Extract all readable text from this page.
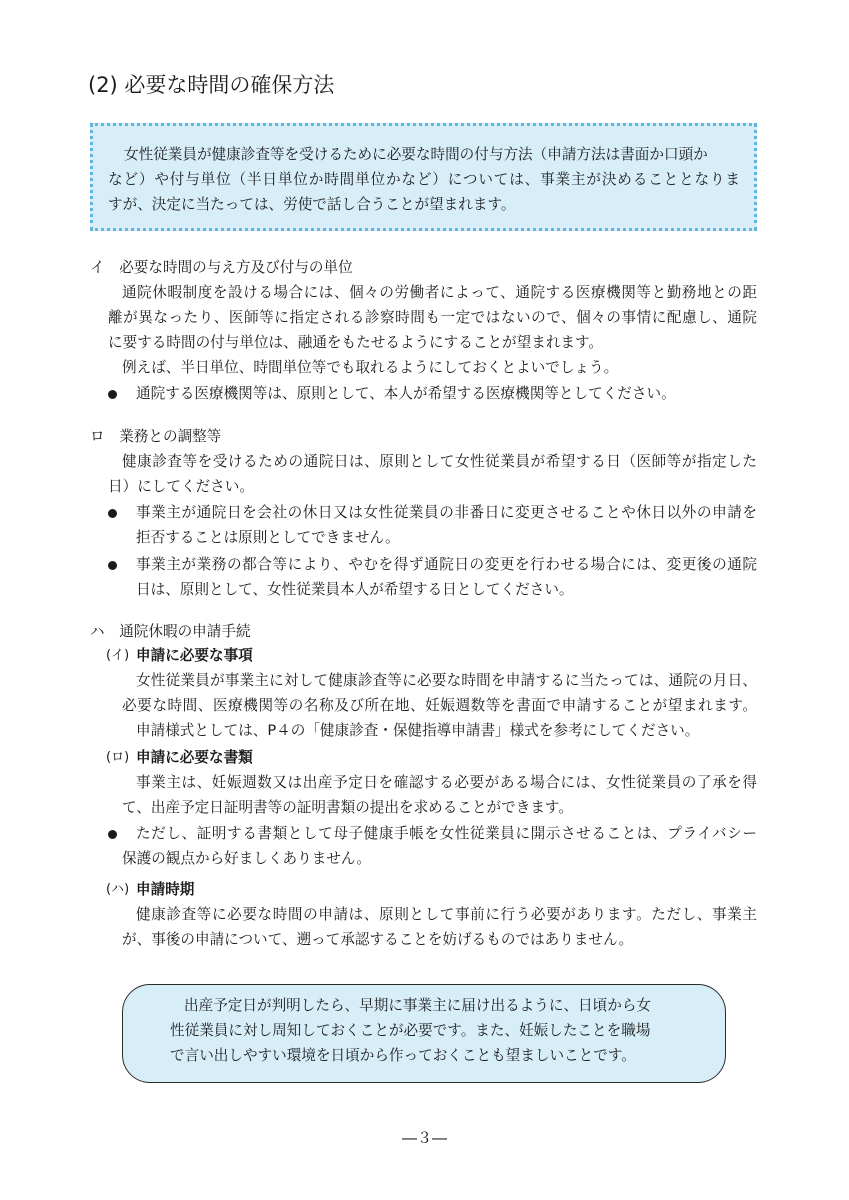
(2) 必要な時間の確保方法
女性従業員が健康診査等を受けるために必要な時間の付与方法（申請方法は書面か口頭か
など）や付与単位（半日単位か時間単位かなど）については、事業主が決めることとなりま
すが、決定に当たっては、労使で話し合うことが望まれます。
イ　必要な時間の与え方及び付与の単位
通院休暇制度を設ける場合には、個々の労働者によって、通院する医療機関等と勤務地との距
離が異なったり、医師等に指定される診察時間も一定ではないので、個々の事情に配慮し、通院
に要する時間の付与単位は、融通をもたせるようにすることが望まれます。
例えば、半日単位、時間単位等でも取れるようにしておくとよいでしょう。
通院する医療機関等は、原則として、本人が希望する医療機関等としてください。
ロ　業務との調整等
健康診査等を受けるための通院日は、原則として女性従業員が希望する日（医師等が指定した
日）にしてください。
事業主が通院日を会社の休日又は女性従業員の非番日に変更させることや休日以外の申請を
拒否することは原則としてできません。
事業主が業務の都合等により、やむを得ず通院日の変更を行わせる場合には、変更後の通院
日は、原則として、女性従業員本人が希望する日としてください。
ハ　通院休暇の申請手続
(イ) 申請に必要な事項
女性従業員が事業主に対して健康診査等に必要な時間を申請するに当たっては、通院の月日、
必要な時間、医療機関等の名称及び所在地、妊娠週数等を書面で申請することが望まれます。
申請様式としては、P４の「健康診査・保健指導申請書」様式を参考にしてください。
(ロ) 申請に必要な書類
事業主は、妊娠週数又は出産予定日を確認する必要がある場合には、女性従業員の了承を得
て、出産予定日証明書等の証明書類の提出を求めることができます。
ただし、証明する書類として母子健康手帳を女性従業員に開示させることは、プライバシー
保護の観点から好ましくありません。
(ハ) 申請時期
健康診査等に必要な時間の申請は、原則として事前に行う必要があります。ただし、事業主
が、事後の申請について、遡って承認することを妨げるものではありません。
出産予定日が判明したら、早期に事業主に届け出るように、日頃から女
性従業員に対し周知しておくことが必要です。また、妊娠したことを職場
で言い出しやすい環境を日頃から作っておくことも望ましいことです。
―３―
